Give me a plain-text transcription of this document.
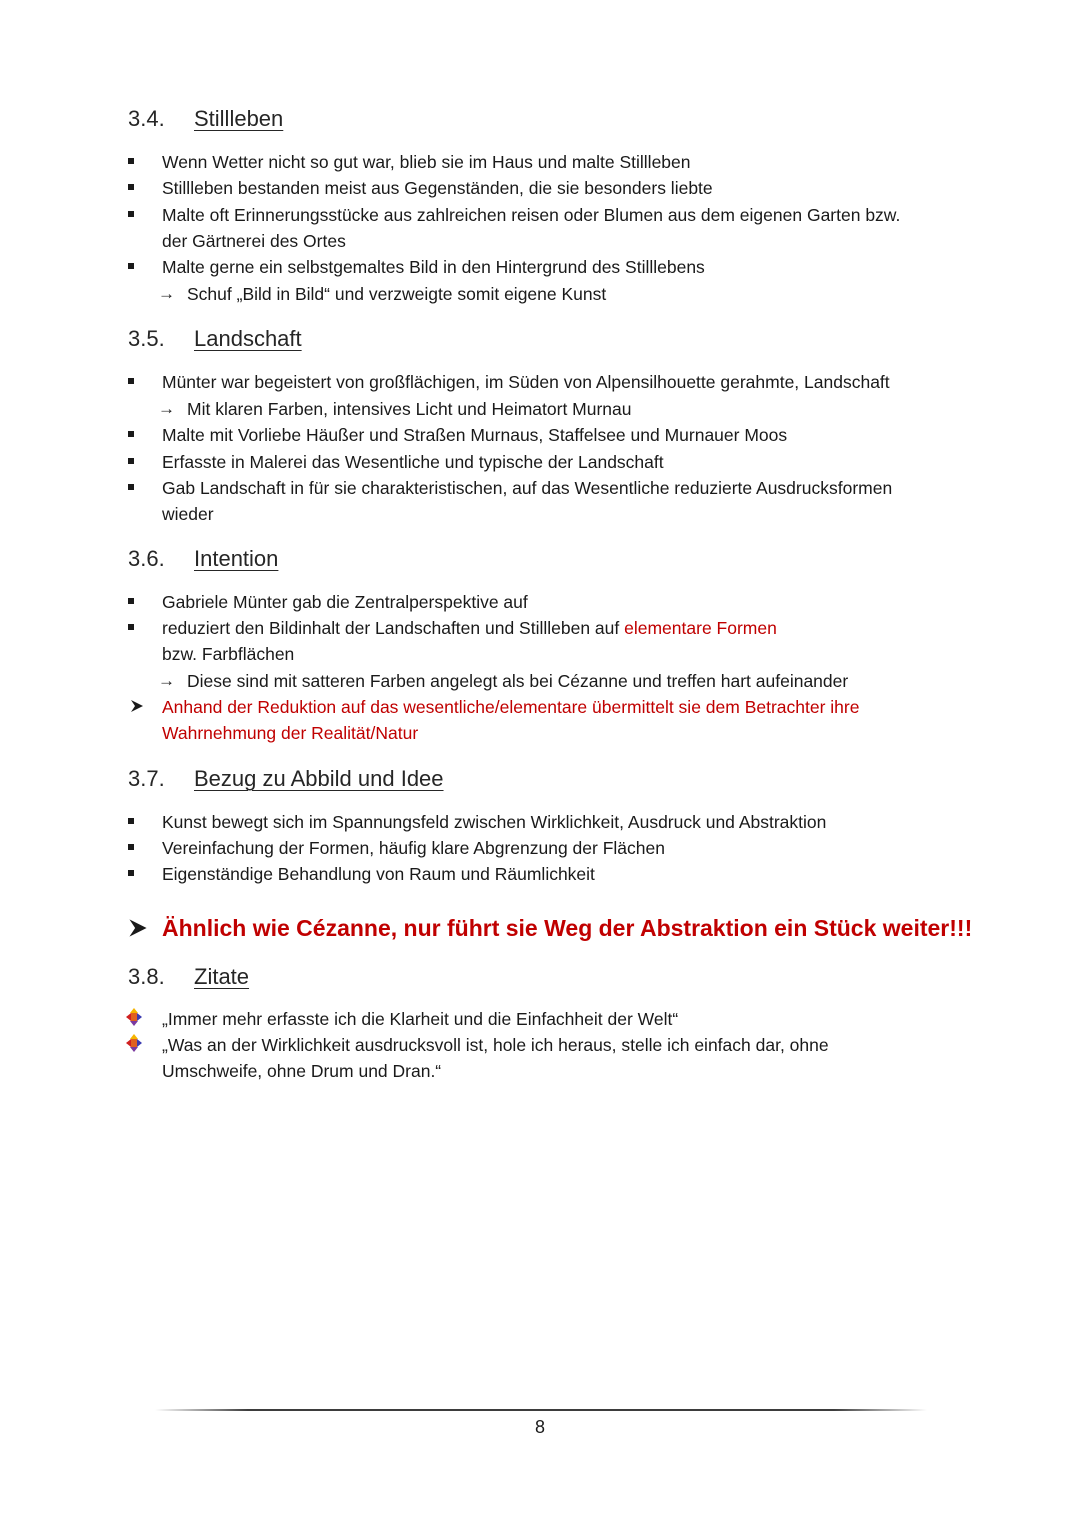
3.4. Stillleben
Wenn Wetter nicht so gut war, blieb sie im Haus und malte Stillleben
Stillleben bestanden meist aus Gegenständen, die sie besonders liebte
Malte oft Erinnerungsstücke aus zahlreichen reisen oder Blumen aus dem eigenen Garten bzw.
der Gärtnerei des Ortes
Malte gerne ein selbstgemaltes Bild in den Hintergrund des Stilllebens
→ Schuf „Bild in Bild“ und verzweigte somit eigene Kunst
3.5. Landschaft
Münter war begeistert von großflächigen, im Süden von Alpensilhouette gerahmte, Landschaft
→ Mit klaren Farben, intensives Licht und Heimatort Murnau
Malte mit Vorliebe Häußer und Straßen Murnaus, Staffelsee und Murnauer Moos
Erfasste in Malerei das Wesentliche und typische der Landschaft
Gab Landschaft in für sie charakteristischen, auf das Wesentliche reduzierte Ausdrucksformen
wieder
3.6. Intention
Gabriele Münter gab die Zentralperspektive auf
reduziert den Bildinhalt der Landschaften und Stillleben auf elementare Formen
bzw. Farbflächen
→ Diese sind mit satteren Farben angelegt als bei Cézanne und treffen hart aufeinander
Anhand der Reduktion auf das wesentliche/elementare übermittelt sie dem Betrachter ihre
Wahrnehmung der Realität/Natur
3.7. Bezug zu Abbild und Idee
Kunst bewegt sich im Spannungsfeld zwischen Wirklichkeit, Ausdruck und Abstraktion
Vereinfachung der Formen, häufig klare Abgrenzung der Flächen
Eigenständige Behandlung von Raum und Räumlichkeit
Ähnlich wie Cézanne, nur führt sie Weg der Abstraktion ein Stück weiter!!!
3.8. Zitate
„Immer mehr erfasste ich die Klarheit und die Einfachheit der Welt“
„Was an der Wirklichkeit ausdrucksvoll ist, hole ich heraus, stelle ich einfach dar, ohne
Umschweife, ohne Drum und Dran.“
8
